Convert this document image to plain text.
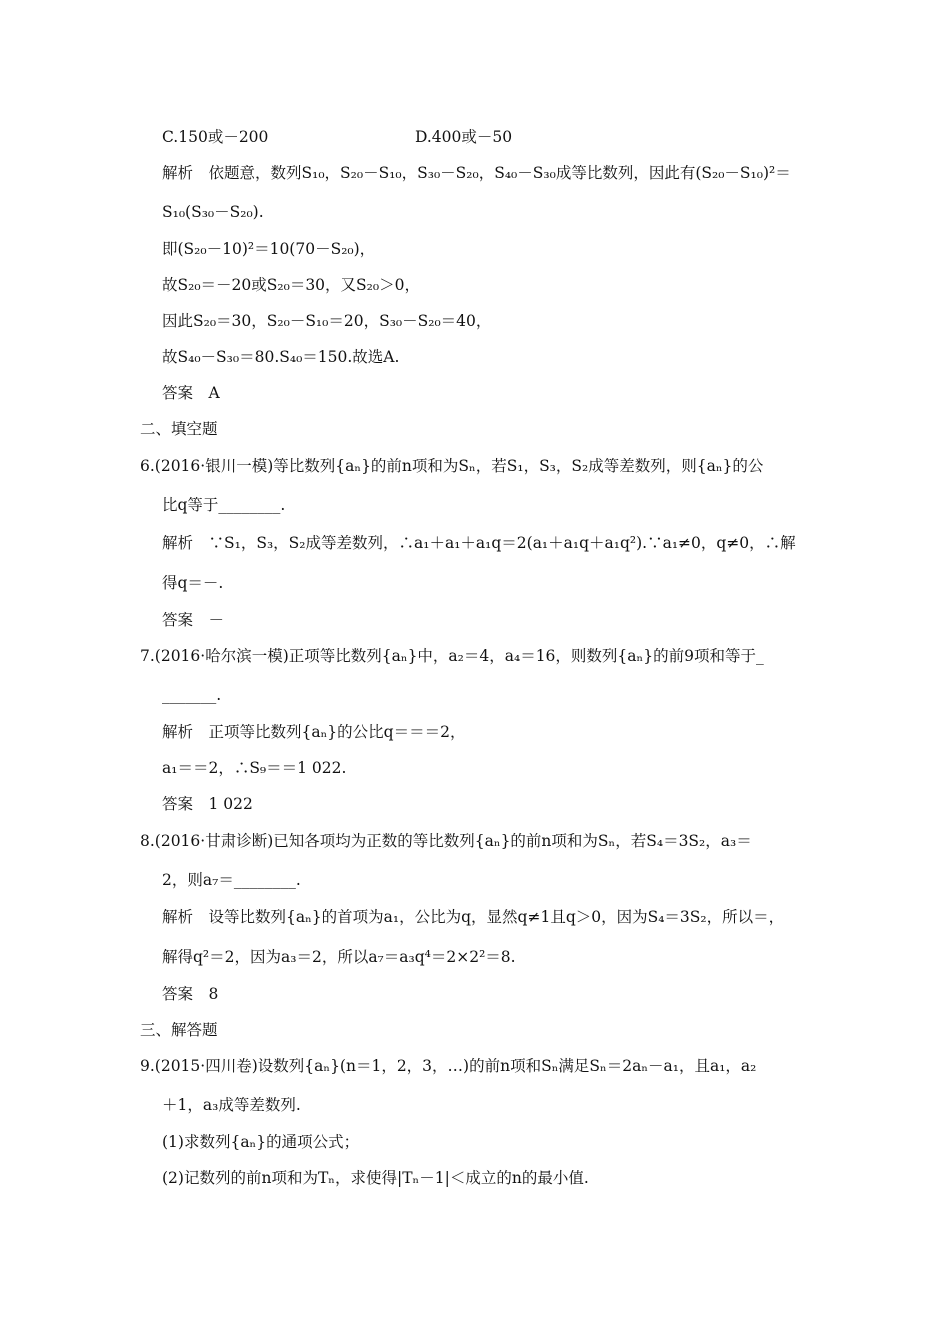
C.150或－200	D.400或－50
解析　依题意，数列S₁₀，S₂₀－S₁₀，S₃₀－S₂₀，S₄₀－S₃₀成等比数列，因此有(S₂₀－S₁₀)²＝
S₁₀(S₃₀－S₂₀).
即(S₂₀－10)²＝10(70－S₂₀)，
故S₂₀＝－20或S₂₀＝30，又S₂₀＞0，
因此S₂₀＝30，S₂₀－S₁₀＝20，S₃₀－S₂₀＝40，
故S₄₀－S₃₀＝80.S₄₀＝150.故选A.
答案　A
二、填空题
6.(2016·银川一模)等比数列{aₙ}的前n项和为Sₙ，若S₁，S₃，S₂成等差数列，则{aₙ}的公
比q等于________.
解析　∵S₁，S₃，S₂成等差数列，∴a₁＋a₁＋a₁q＝2(a₁＋a₁q＋a₁q²).∵a₁≠0，q≠0，∴解
得q＝－.
答案　－
7.(2016·哈尔滨一模)正项等比数列{aₙ}中，a₂＝4，a₄＝16，则数列{aₙ}的前9项和等于_
_______.
解析　正项等比数列{aₙ}的公比q＝＝＝2，
a₁＝＝2，∴S₉＝＝1 022.
答案　1 022
8.(2016·甘肃诊断)已知各项均为正数的等比数列{aₙ}的前n项和为Sₙ，若S₄＝3S₂，a₃＝
2，则a₇＝________.
解析　设等比数列{aₙ}的首项为a₁，公比为q，显然q≠1且q＞0，因为S₄＝3S₂，所以＝，
解得q²＝2，因为a₃＝2，所以a₇＝a₃q⁴＝2×2²＝8.
答案　8
三、解答题
9.(2015·四川卷)设数列{aₙ}(n＝1，2，3，…)的前n项和Sₙ满足Sₙ＝2aₙ－a₁，且a₁，a₂
＋1，a₃成等差数列.
(1)求数列{aₙ}的通项公式；
(2)记数列的前n项和为Tₙ，求使得|Tₙ－1|＜成立的n的最小值.
